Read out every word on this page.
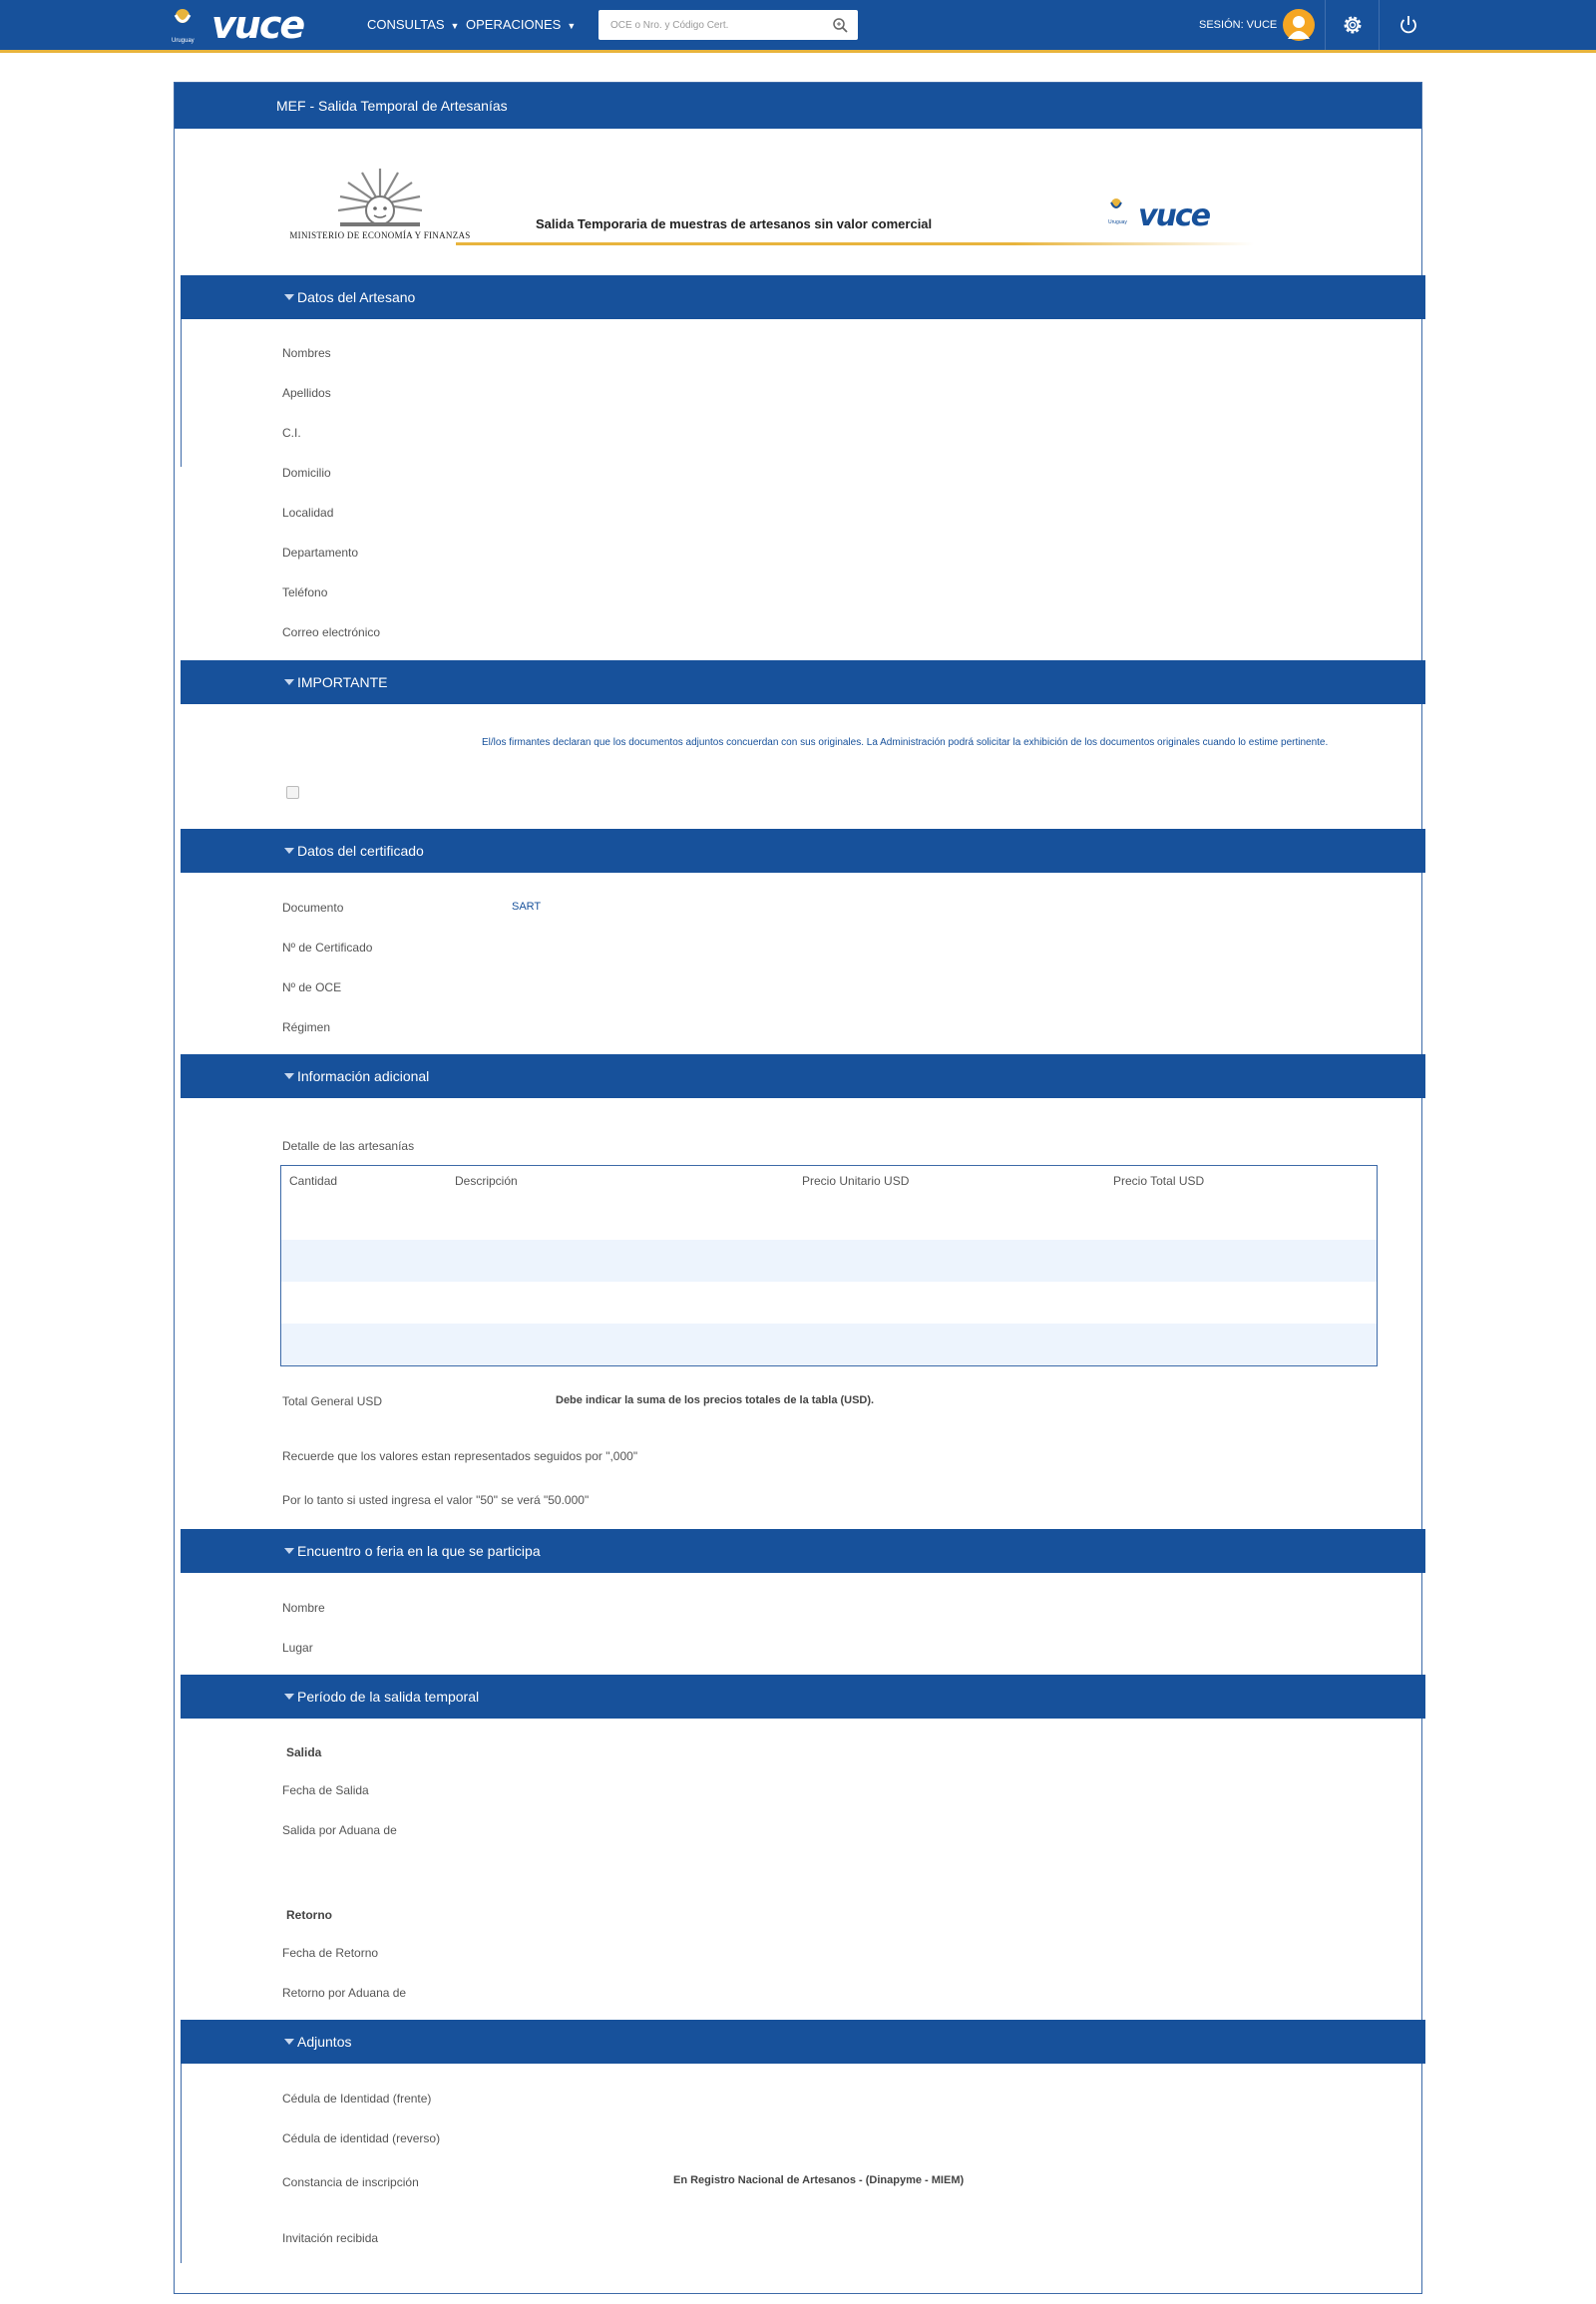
Uruguay vuce	CONSULTAS ▼ OPERACIONES ▼
OCE o Nro. y Código Cert.	SESIÓN: VUCE
MEF - Salida Temporal de Artesanías
MINISTERIO DE ECONOMÍA Y FINANZAS
Salida Temporaria de muestras de artesanos sin valor comercial	Uruguay vuce
Datos del Artesano
Nombres
Apellidos
C.I.
Domicilio
Localidad
Departamento
Teléfono
Correo electrónico
IMPORTANTE
El/los firmantes declaran que los documentos adjuntos concuerdan con sus originales. La Administración podrá solicitar la exhibición de los documentos originales cuando lo estime pertinente.
Datos del certificado
Documento	SART
Nº de Certificado
Nº de OCE
Régimen
Información adicional
Detalle de las artesanías
Cantidad	Descripción	Precio Unitario USD	Precio Total USD
Total General USD	Debe indicar la suma de los precios totales de la tabla (USD).
Recuerde que los valores estan representados seguidos por ",000"
Por lo tanto si usted ingresa el valor "50" se verá "50.000"
Encuentro o feria en la que se participa
Nombre
Lugar
Período de la salida temporal
Salida
Fecha de Salida
Salida por Aduana de
Retorno
Fecha de Retorno
Retorno por Aduana de
Adjuntos
Cédula de Identidad (frente)
Cédula de identidad (reverso)
Constancia de inscripción	En Registro Nacional de Artesanos - (Dinapyme - MIEM)
Invitación recibida
